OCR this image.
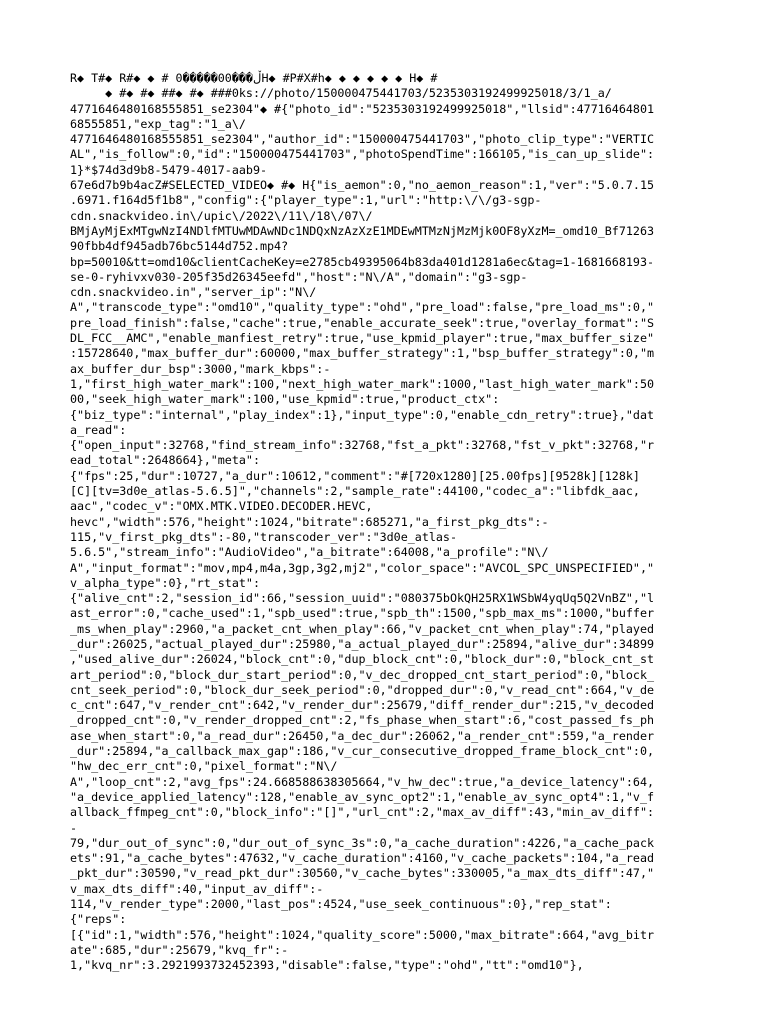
R◆ T#◆ R#◆ ◆ # 0�����00���ڵH◆ #P#X#h◆ ◆ ◆ ◆ ◆ ◆ H◆ #
◆ #◆ #◆ ##◆ #◆ ###0ks://photo/150000475441703/5235303192499925018/3/1_a/
4771646480168555851_se2304"◆ #{"photo_id":"5235303192499925018","llsid":47716464801
68555851,"exp_tag":"1_a\/
4771646480168555851_se2304","author_id":"150000475441703","photo_clip_type":"VERTIC
AL","is_follow":0,"id":"150000475441703","photoSpendTime":166105,"is_can_up_slide":
1}*$74d3d9b8-5479-4017-aab9-
67e6d7b9b4acZ#SELECTED_VIDEO◆ #◆ H{"is_aemon":0,"no_aemon_reason":1,"ver":"5.0.7.15
.6971.f164d5f1b8","config":{"player_type":1,"url":"http:\/\/g3-sgp-
cdn.snackvideo.in\/upic\/2022\/11\/18\/07\/
BMjAyMjExMTgwNzI4NDlfMTUwMDAwNDc1NDQxNzAzXzE1MDEwMTMzNjMzMjk0OF8yXzM=_omd10_Bf71263
90fbb4df945adb76bc5144d752.mp4?
bp=50010&tt=omd10&clientCacheKey=e2785cb49395064b83da401d1281a6ec&tag=1-1681668193-
se-0-ryhivxv030-205f35d26345eefd","host":"N\/A","domain":"g3-sgp-
cdn.snackvideo.in","server_ip":"N\/
A","transcode_type":"omd10","quality_type":"ohd","pre_load":false,"pre_load_ms":0,"
pre_load_finish":false,"cache":true,"enable_accurate_seek":true,"overlay_format":"S
DL_FCC__AMC","enable_manfiest_retry":true,"use_kpmid_player":true,"max_buffer_size"
:15728640,"max_buffer_dur":60000,"max_buffer_strategy":1,"bsp_buffer_strategy":0,"m
ax_buffer_dur_bsp":3000,"mark_kbps":-
1,"first_high_water_mark":100,"next_high_water_mark":1000,"last_high_water_mark":50
00,"seek_high_water_mark":100,"use_kpmid":true,"product_ctx":
{"biz_type":"internal","play_index":1},"input_type":0,"enable_cdn_retry":true},"dat
a_read":
{"open_input":32768,"find_stream_info":32768,"fst_a_pkt":32768,"fst_v_pkt":32768,"r
ead_total":2648664},"meta":
{"fps":25,"dur":10727,"a_dur":10612,"comment":"#[720x1280][25.00fps][9528k][128k]
[C][tv=3d0e_atlas-5.6.5]","channels":2,"sample_rate":44100,"codec_a":"libfdk_aac,
aac","codec_v":"OMX.MTK.VIDEO.DECODER.HEVC,
hevc","width":576,"height":1024,"bitrate":685271,"a_first_pkg_dts":-
115,"v_first_pkg_dts":-80,"transcoder_ver":"3d0e_atlas-
5.6.5","stream_info":"AudioVideo","a_bitrate":64008,"a_profile":"N\/
A","input_format":"mov,mp4,m4a,3gp,3g2,mj2","color_space":"AVCOL_SPC_UNSPECIFIED","
v_alpha_type":0},"rt_stat":
{"alive_cnt":2,"session_id":66,"session_uuid":"080375bOkQH25RX1WSbW4yqUq5Q2VnBZ","l
ast_error":0,"cache_used":1,"spb_used":true,"spb_th":1500,"spb_max_ms":1000,"buffer
_ms_when_play":2960,"a_packet_cnt_when_play":66,"v_packet_cnt_when_play":74,"played
_dur":26025,"actual_played_dur":25980,"a_actual_played_dur":25894,"alive_dur":34899
,"used_alive_dur":26024,"block_cnt":0,"dup_block_cnt":0,"block_dur":0,"block_cnt_st
art_period":0,"block_dur_start_period":0,"v_dec_dropped_cnt_start_period":0,"block_
cnt_seek_period":0,"block_dur_seek_period":0,"dropped_dur":0,"v_read_cnt":664,"v_de
c_cnt":647,"v_render_cnt":642,"v_render_dur":25679,"diff_render_dur":215,"v_decoded
_dropped_cnt":0,"v_render_dropped_cnt":2,"fs_phase_when_start":6,"cost_passed_fs_ph
ase_when_start":0,"a_read_dur":26450,"a_dec_dur":26062,"a_render_cnt":559,"a_render
_dur":25894,"a_callback_max_gap":186,"v_cur_consecutive_dropped_frame_block_cnt":0,
"hw_dec_err_cnt":0,"pixel_format":"N\/
A","loop_cnt":2,"avg_fps":24.668588638305664,"v_hw_dec":true,"a_device_latency":64,
"a_device_applied_latency":128,"enable_av_sync_opt2":1,"enable_av_sync_opt4":1,"v_f
allback_ffmpeg_cnt":0,"block_info":"[]","url_cnt":2,"max_av_diff":43,"min_av_diff":
-
79,"dur_out_of_sync":0,"dur_out_of_sync_3s":0,"a_cache_duration":4226,"a_cache_pack
ets":91,"a_cache_bytes":47632,"v_cache_duration":4160,"v_cache_packets":104,"a_read
_pkt_dur":30590,"v_read_pkt_dur":30560,"v_cache_bytes":330005,"a_max_dts_diff":47,"
v_max_dts_diff":40,"input_av_diff":-
114,"v_render_type":2000,"last_pos":4524,"use_seek_continuous":0},"rep_stat":
{"reps":
[{"id":1,"width":576,"height":1024,"quality_score":5000,"max_bitrate":664,"avg_bitr
ate":685,"dur":25679,"kvq_fr":-
1,"kvq_nr":3.2921993732452393,"disable":false,"type":"ohd","tt":"omd10"},
